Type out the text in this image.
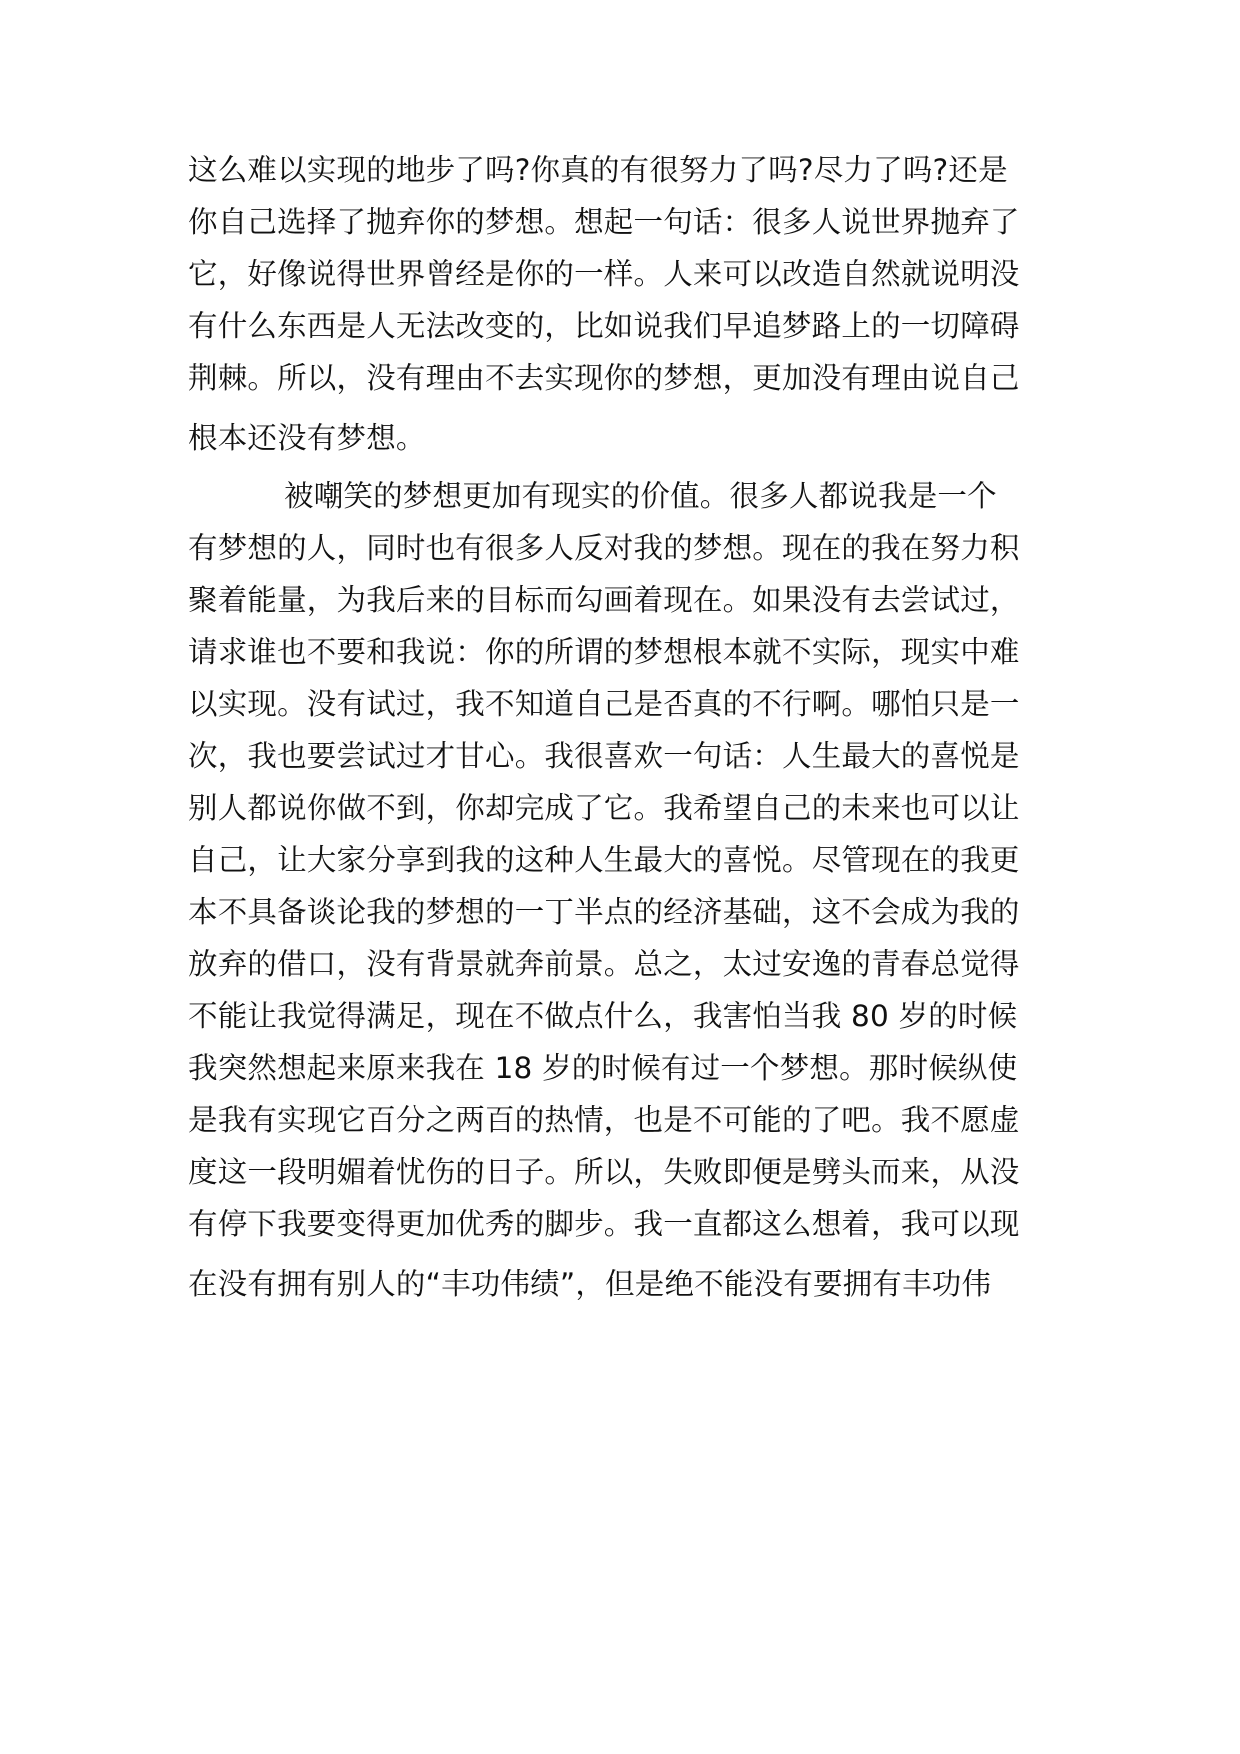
这么难以实现的地步了吗?你真的有很努力了吗?尽力了吗?还是
你自己选择了抛弃你的梦想。想起一句话：很多人说世界抛弃了
它，好像说得世界曾经是你的一样。人来可以改造自然就说明没
有什么东西是人无法改变的，比如说我们早追梦路上的一切障碍
荆棘。所以，没有理由不去实现你的梦想，更加没有理由说自己
根本还没有梦想。
被嘲笑的梦想更加有现实的价值。很多人都说我是一个
有梦想的人，同时也有很多人反对我的梦想。现在的我在努力积
聚着能量，为我后来的目标而勾画着现在。如果没有去尝试过，
请求谁也不要和我说：你的所谓的梦想根本就不实际，现实中难
以实现。没有试过，我不知道自己是否真的不行啊。哪怕只是一
次，我也要尝试过才甘心。我很喜欢一句话：人生最大的喜悦是
别人都说你做不到，你却完成了它。我希望自己的未来也可以让
自己，让大家分享到我的这种人生最大的喜悦。尽管现在的我更
本不具备谈论我的梦想的一丁半点的经济基础，这不会成为我的
放弃的借口，没有背景就奔前景。总之，太过安逸的青春总觉得
不能让我觉得满足，现在不做点什么，我害怕当我 80 岁的时候
我突然想起来原来我在 18 岁的时候有过一个梦想。那时候纵使
是我有实现它百分之两百的热情，也是不可能的了吧。我不愿虚
度这一段明媚着忧伤的日子。所以，失败即便是劈头而来，从没
有停下我要变得更加优秀的脚步。我一直都这么想着，我可以现
在没有拥有别人的“丰功伟绩”，但是绝不能没有要拥有丰功伟
